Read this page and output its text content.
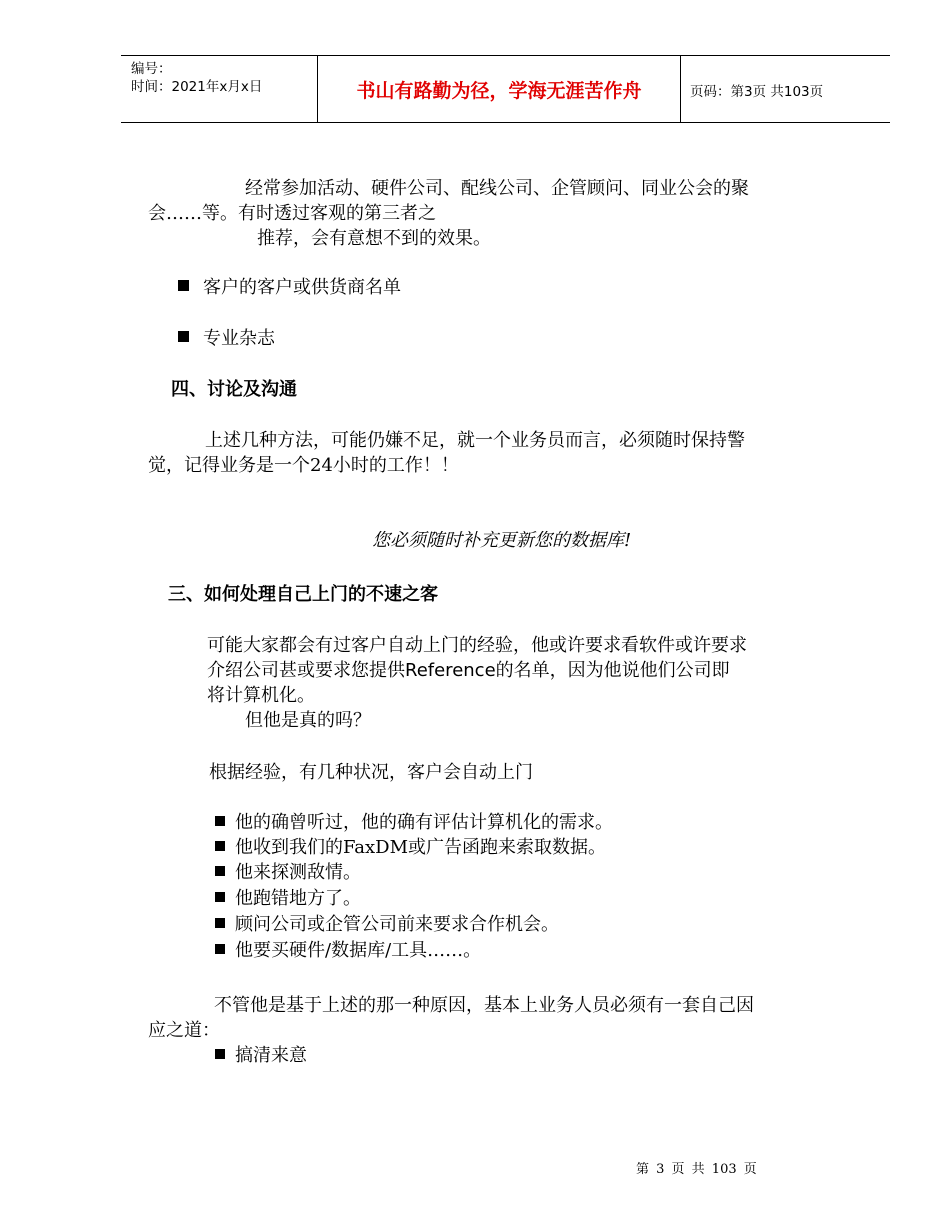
编号：
时间：2021年x月x日	书山有路勤为径，学海无涯苦作舟	页码：第3页 共103页
经常参加活动、硬件公司、配线公司、企管顾问、同业公会的聚
会……等。有时透过客观的第三者之
推荐，会有意想不到的效果。
客户的客户或供货商名单
专业杂志
四、讨论及沟通
上述几种方法，可能仍嫌不足，就一个业务员而言，必须随时保持警
觉，记得业务是一个24小时的工作！！
您必须随时补充更新您的数据库!
三、如何处理自己上门的不速之客
可能大家都会有过客户自动上门的经验，他或许要求看软件或许要求
介绍公司甚或要求您提供Reference的名单，因为他说他们公司即
将计算机化。
但他是真的吗？
根据经验，有几种状况，客户会自动上门
他的确曾听过，他的确有评估计算机化的需求。
他收到我们的FaxDM或广告函跑来索取数据。
他来探测敌情。
他跑错地方了。
顾问公司或企管公司前来要求合作机会。
他要买硬件/数据库/工具……。
不管他是基于上述的那一种原因，基本上业务人员必须有一套自己因
应之道：
搞清来意
第 3 页 共 103 页
